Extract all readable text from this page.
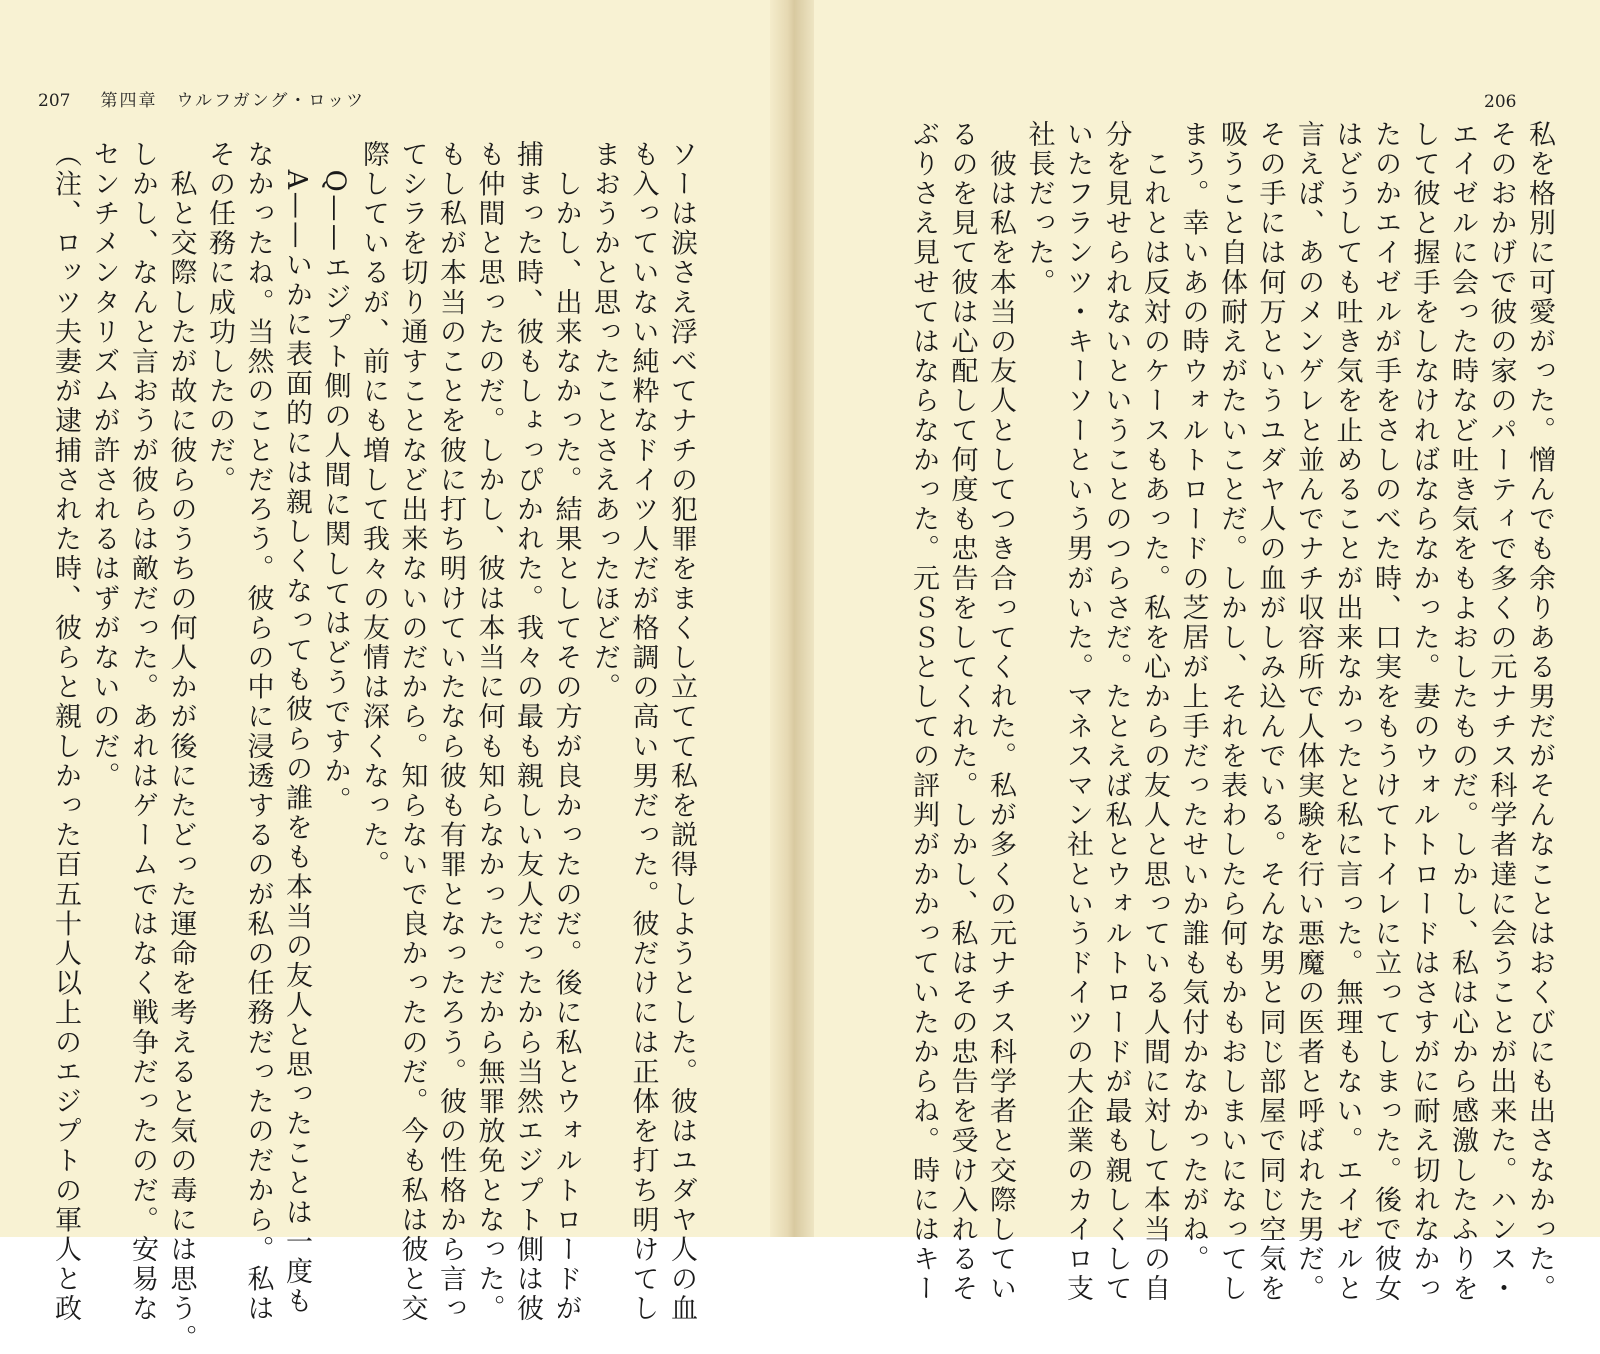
207 第四章　ウルフガング・ロッツ
ソーは涙さえ浮べてナチの犯罪をまくし立てて私を説得しようとした。彼はユダヤ人の血
も入っていない純粋なドイツ人だが格調の高い男だった。彼だけには正体を打ち明けてし
まおうかと思ったことさえあったほどだ。
　しかし、出来なかった。結果としてその方が良かったのだ。後に私とウォルトロードが
捕まった時、彼もしょっぴかれた。我々の最も親しい友人だったから当然エジプト側は彼
も仲間と思ったのだ。しかし、彼は本当に何も知らなかった。だから無罪放免となった。
もし私が本当のことを彼に打ち明けていたなら彼も有罪となったろう。彼の性格から言っ
てシラを切り通すことなど出来ないのだから。知らないで良かったのだ。今も私は彼と交
際しているが、前にも増して我々の友情は深くなった。
　Q——エジプト側の人間に関してはどうですか。
　A——いかに表面的には親しくなっても彼らの誰をも本当の友人と思ったことは一度も
なかったね。当然のことだろう。彼らの中に浸透するのが私の任務だったのだから。私は
その任務に成功したのだ。
　私と交際したが故に彼らのうちの何人かが後にたどった運命を考えると気の毒には思う。
しかし、なんと言おうが彼らは敵だった。あれはゲームではなく戦争だったのだ。安易な
センチメンタリズムが許されるはずがないのだ。
（注、ロッツ夫妻が逮捕された時、彼らと親しかった百五十人以上のエジプトの軍人と政
206
私を格別に可愛がった。憎んでも余りある男だがそんなことはおくびにも出さなかった。
そのおかげで彼の家のパーティで多くの元ナチス科学者達に会うことが出来た。ハンス・
エイゼルに会った時など吐き気をもよおしたものだ。しかし、私は心から感激したふりを
して彼と握手をしなければならなかった。妻のウォルトロードはさすがに耐え切れなかっ
たのかエイゼルが手をさしのべた時、口実をもうけてトイレに立ってしまった。後で彼女
はどうしても吐き気を止めることが出来なかったと私に言った。無理もない。エイゼルと
言えば、あのメンゲレと並んでナチ収容所で人体実験を行い悪魔の医者と呼ばれた男だ。
その手には何万というユダヤ人の血がしみ込んでいる。そんな男と同じ部屋で同じ空気を
吸うこと自体耐えがたいことだ。しかし、それを表わしたら何もかもおしまいになってし
まう。幸いあの時ウォルトロードの芝居が上手だったせいか誰も気付かなかったがね。
　これとは反対のケースもあった。私を心からの友人と思っている人間に対して本当の自
分を見せられないということのつらさだ。たとえば私とウォルトロードが最も親しくして
いたフランツ・キーソーという男がいた。マネスマン社というドイツの大企業のカイロ支
社長だった。
　彼は私を本当の友人としてつき合ってくれた。私が多くの元ナチス科学者と交際してい
るのを見て彼は心配して何度も忠告をしてくれた。しかし、私はその忠告を受け入れるそ
ぶりさえ見せてはならなかった。元ＳＳとしての評判がかかっていたからね。時にはキー
